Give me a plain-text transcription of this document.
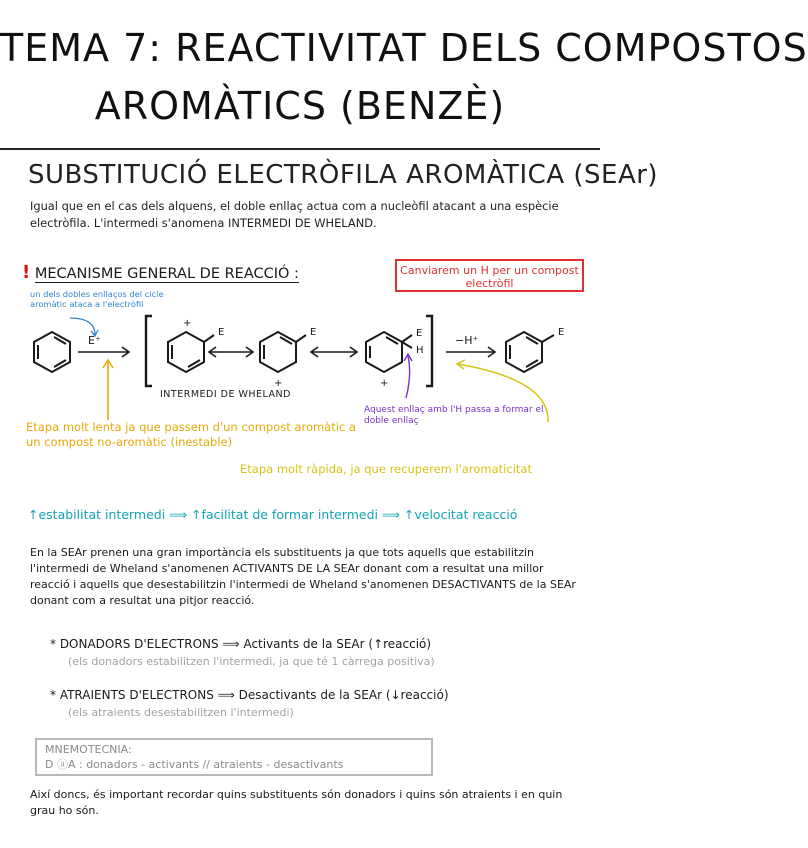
TEMA 7: REACTIVITAT DELS COMPOSTOS
AROMÀTICS (BENZÈ)
SUBSTITUCIÓ ELECTRÒFILA AROMÀTICA (SEAr)
Igual que en el cas dels alquens, el doble enllaç actua com a nucleòfil atacant a una espècie electròfila. L'intermedi s'anomena INTERMEDI DE WHELAND.
! MECANISME GENERAL DE REACCIÓ :	Canviarem un H per un compost electròfil
un dels dobles enllaços del cicle aromàtic ataca a l'electròfil
E⁺
+
E
+
E	E
H
+
−H⁺
E
INTERMEDI DE WHELAND
Aquest enllaç amb l'H passa a formar el doble enllaç
Etapa molt lenta ja que passem d'un compost aromàtic a un compost no-aromàtic (inestable)
Etapa molt ràpida, ja que recuperem l'aromaticitat
↑estabilitat intermedi ⟹ ↑facilitat de formar intermedi ⟹ ↑velocitat reacció
En la SEAr prenen una gran importància els substituents ja que tots aquells que estabilitzin l'intermedi de Wheland s'anomenen ACTIVANTS DE LA SEAr donant com a resultat una millor reacció i aquells que desestabilitzin l'intermedi de Wheland s'anomenen DESACTIVANTS de la SEAr donant com a resultat una pitjor reacció.
* DONADORS D'ELECTRONS ⟹ Activants de la SEAr (↑reacció)
(els donadors estabilitzen l'intermedi, ja que té 1 càrrega positiva)
* ATRAIENTS D'ELECTRONS ⟹ Desactivants de la SEAr (↓reacció)
(els atraients desestabilitzen l'intermedi)
MNEMOTECNIA:
D ⓐA : donadors - activants // atraients - desactivants
Així doncs, és important recordar quins substituents són donadors i quins són atraients i en quin grau ho són.
